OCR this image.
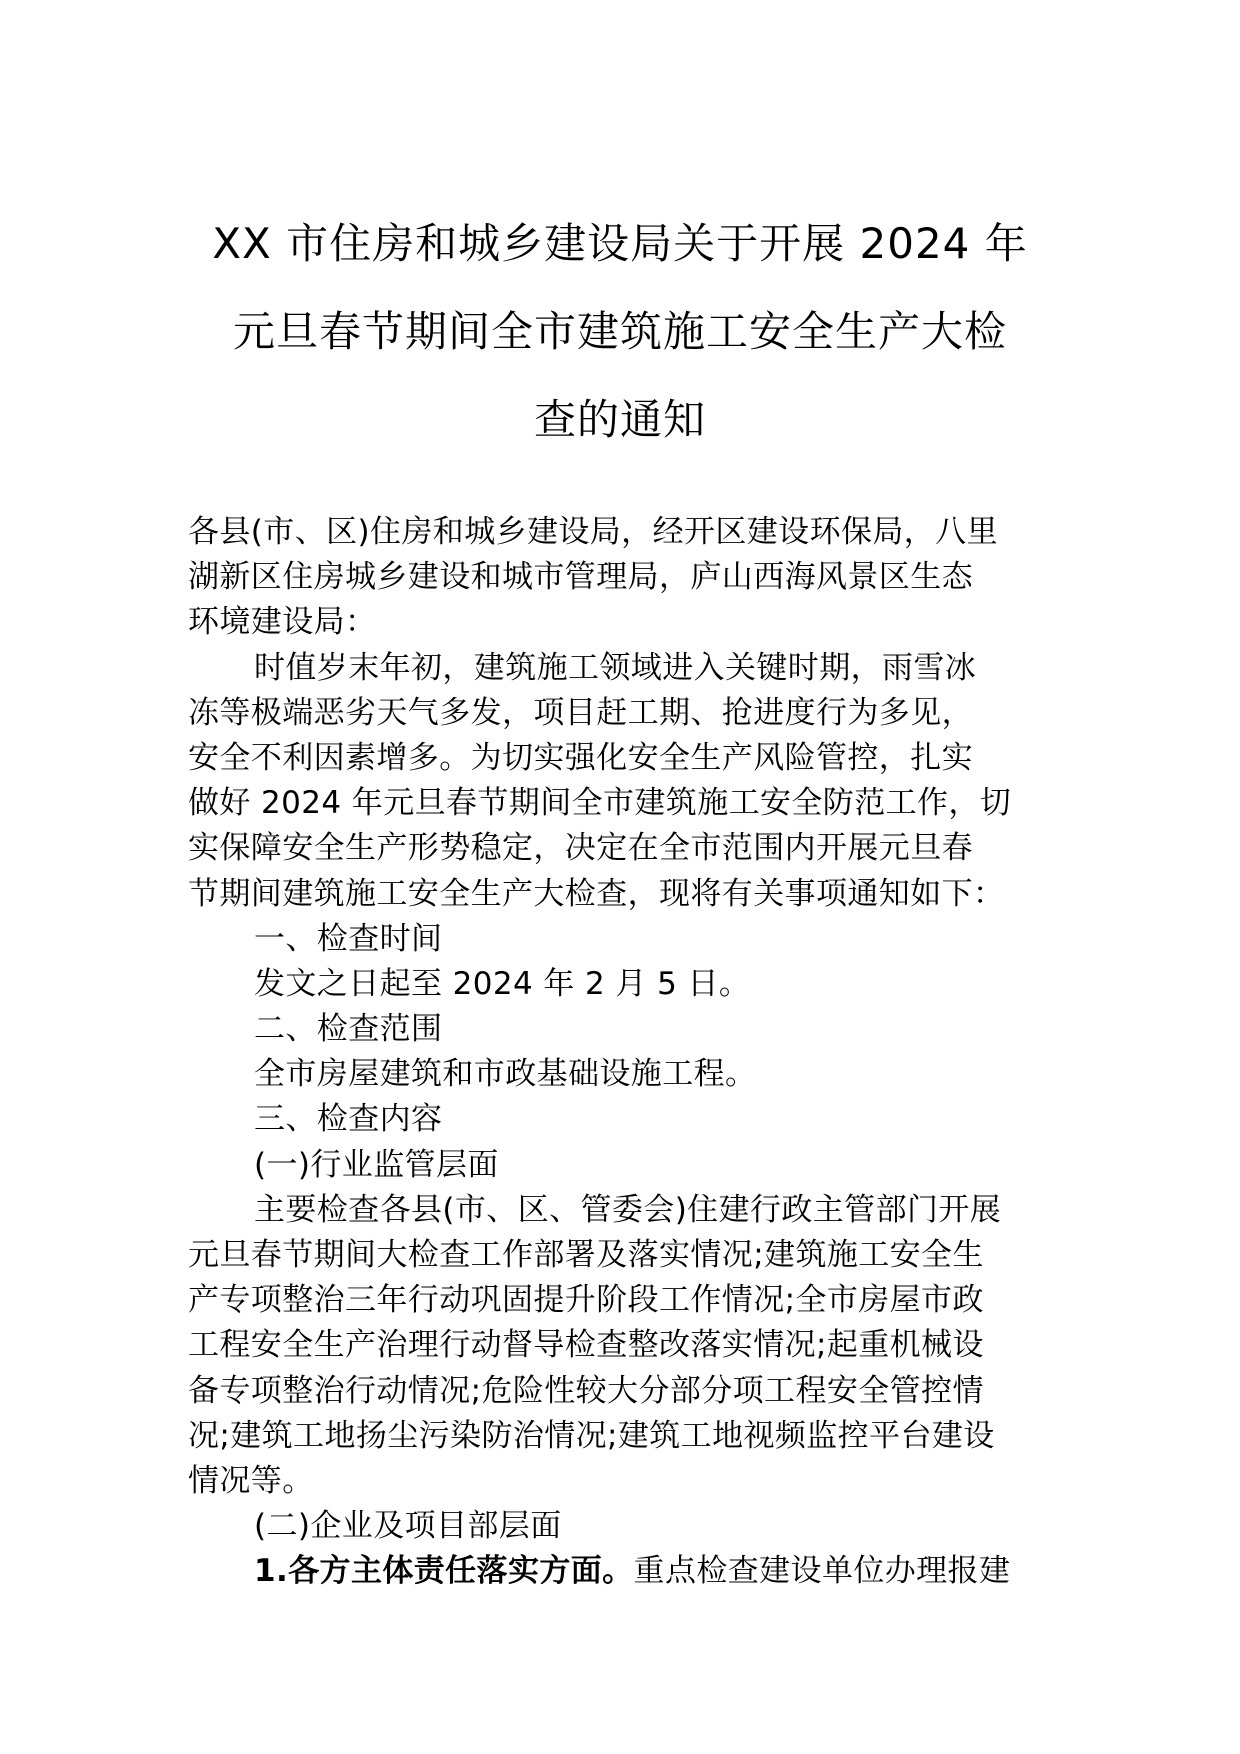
XX 市住房和城乡建设局关于开展 2024 年
元旦春节期间全市建筑施工安全生产大检
查的通知
各县(市、区)住房和城乡建设局，经开区建设环保局，八里
湖新区住房城乡建设和城市管理局，庐山西海风景区生态
环境建设局：
时值岁末年初，建筑施工领域进入关键时期，雨雪冰
冻等极端恶劣天气多发，项目赶工期、抢进度行为多见，
安全不利因素增多。为切实强化安全生产风险管控，扎实
做好 2024 年元旦春节期间全市建筑施工安全防范工作，切
实保障安全生产形势稳定，决定在全市范围内开展元旦春
节期间建筑施工安全生产大检查，现将有关事项通知如下：
一、检查时间
发文之日起至 2024 年 2 月 5 日。
二、检查范围
全市房屋建筑和市政基础设施工程。
三、检查内容
(一)行业监管层面
主要检查各县(市、区、管委会)住建行政主管部门开展
元旦春节期间大检查工作部署及落实情况;建筑施工安全生
产专项整治三年行动巩固提升阶段工作情况;全市房屋市政
工程安全生产治理行动督导检查整改落实情况;起重机械设
备专项整治行动情况;危险性较大分部分项工程安全管控情
况;建筑工地扬尘污染防治情况;建筑工地视频监控平台建设
情况等。
(二)企业及项目部层面
1.各方主体责任落实方面。重点检查建设单位办理报建
